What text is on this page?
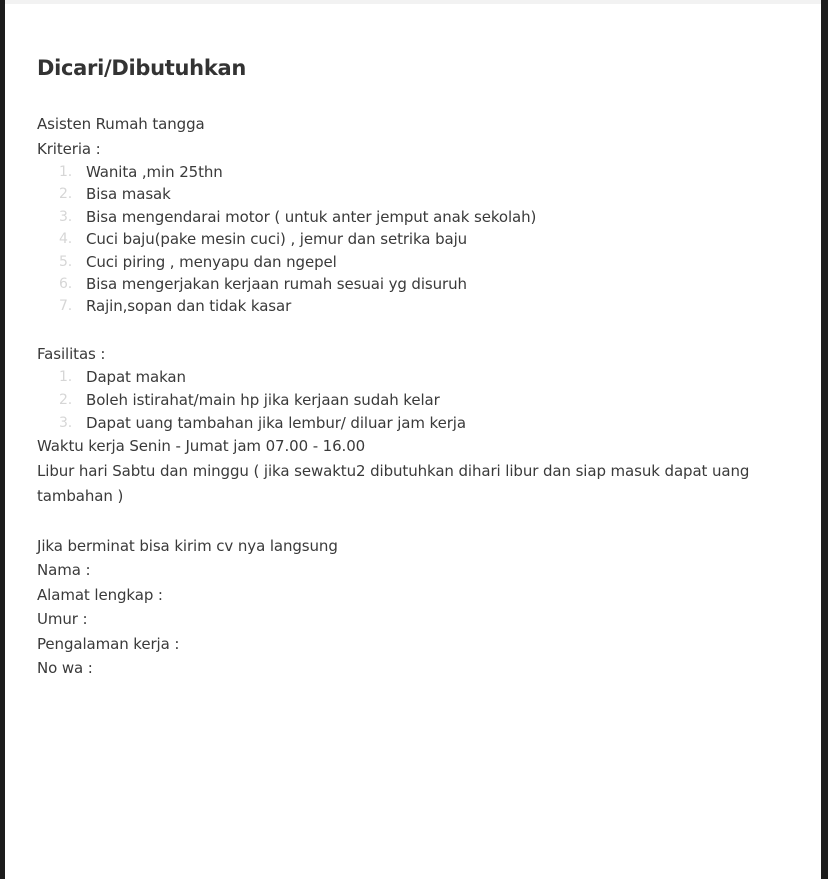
Dicari/Dibutuhkan
Asisten Rumah tangga
Kriteria :
1. Wanita ,min 25thn
2. Bisa masak
3. Bisa mengendarai motor ( untuk anter jemput anak sekolah)
4. Cuci baju(pake mesin cuci) , jemur dan setrika baju
5. Cuci piring , menyapu dan ngepel
6. Bisa mengerjakan kerjaan rumah sesuai yg disuruh
7. Rajin,sopan dan tidak kasar
Fasilitas :
1. Dapat makan
2. Boleh istirahat/main hp jika kerjaan sudah kelar
3. Dapat uang tambahan jika lembur/ diluar jam kerja
Waktu kerja Senin - Jumat jam 07.00 - 16.00
Libur hari Sabtu dan minggu ( jika sewaktu2 dibutuhkan dihari libur dan siap masuk dapat uang tambahan )
Jika berminat bisa kirim cv nya langsung
Nama :
Alamat lengkap :
Umur :
Pengalaman kerja :
No wa :
